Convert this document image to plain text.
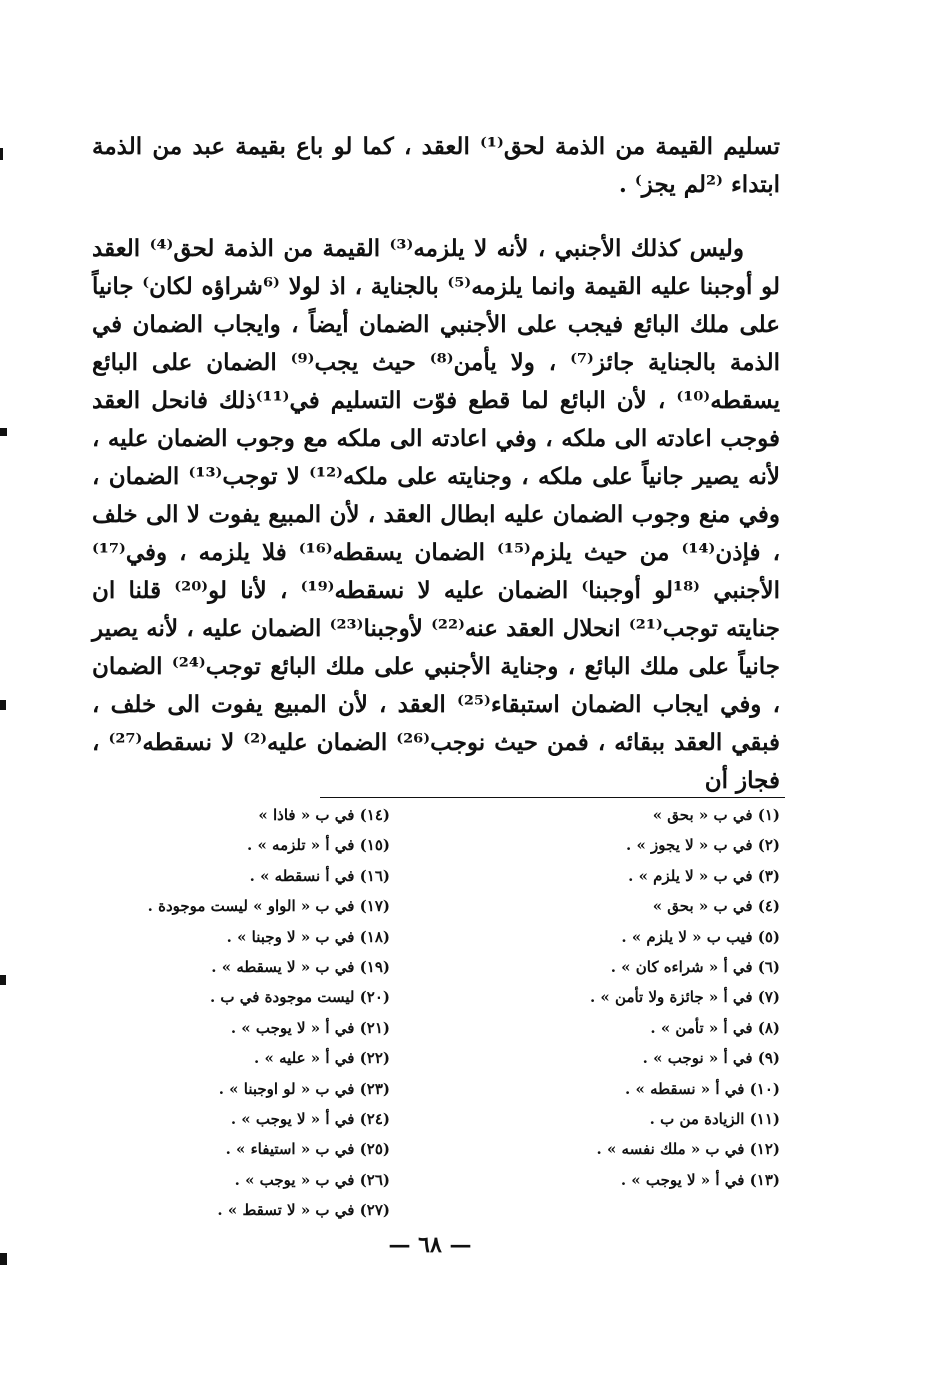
تسليم القيمة من الذمة لحق⁽¹⁾ العقد ، كما لو باع بقيمة عبد من الذمة ابتداء ⁽²لم يجز⁾ .

وليس كذلك الأجنبي ، لأنه لا يلزمه⁽³⁾ القيمة من الذمة لحق⁽⁴⁾ العقد لو أوجبنا عليه القيمة وانما يلزمه⁽⁵⁾ بالجناية ، اذ لولا ⁽⁶شراؤه لكان⁾ جانياً على ملك البائع فيجب على الأجنبي الضمان أيضاً ، وايجاب الضمان في الذمة بالجناية جائز⁽⁷⁾ ، ولا يأمن⁽⁸⁾ حيث يجب⁽⁹⁾ الضمان على البائع يسقطه⁽¹⁰⁾ ، لأن البائع لما قطع فوّت التسليم في⁽¹¹⁾ذلك فانحل العقد فوجب اعادته الى ملكه ، وفي اعادته الى ملكه مع وجوب الضمان عليه ، لأنه يصير جانياً على ملكه ، وجنايته على ملكه⁽¹²⁾ لا توجب⁽¹³⁾ الضمان ، وفي منع وجوب الضمان عليه ابطال العقد ، لأن المبيع يفوت لا الى خلف ، فإذن⁽¹⁴⁾ من حيث يلزم⁽¹⁵⁾ الضمان يسقطه⁽¹⁶⁾ فلا يلزمه ، وفي⁽¹⁷⁾ الأجنبي ⁽¹⁸لو أوجبنا⁾ الضمان عليه لا نسقطه⁽¹⁹⁾ ، لأنا لو⁽²⁰⁾ قلنا ان جنايته توجب⁽²¹⁾ انحلال العقد عنه⁽²²⁾ لأوجبنا⁽²³⁾ الضمان عليه ، لأنه يصير جانياً على ملك البائع ، وجناية الأجنبي على ملك البائع توجب⁽²⁴⁾ الضمان ، وفي ايجاب الضمان استبقاء⁽²⁵⁾ العقد ، لأن المبيع يفوت الى خلف ، فبقي العقد ببقائه ، فمن حيث نوجب⁽²⁶⁾ الضمان عليه⁽²⁾ لا نسقطه⁽²⁷⁾ ، فجاز أن

(١) في ب « بحق »
(٢) في ب « لا يجوز » .
(٣) في ب « لا يلزم » .
(٤) في ب « بحق »
(٥) فيب ب « لا يلزم » .
(٦) في أ « شراءه كان » .
(٧) في أ « جائزة ولا تأمن » .
(٨) في أ « تأمن » .
(٩) في أ « نوجب » .
(١٠) في أ « نسقطه » .
(١١) الزيادة من ب .
(١٢) في ب « ملك نفسه » .
(١٣) في أ « لا يوجب » .
(١٤) في ب « فاذا »
(١٥) في أ « تلزمه » .
(١٦) في أ نسقطه » .
(١٧) في ب « الواو » ليست موجودة .
(١٨) في ب « لا وجبنا » .
(١٩) في ب « لا يسقطه » .
(٢٠) ليست موجودة في ب .
(٢١) في أ « لا يوجب » .
(٢٢) في أ « عليه » .
(٢٣) في ب « لو اوجبنا » .
(٢٤) في أ « لا يوجب » .
(٢٥) في ب « استيفاء » .
(٢٦) في ب « يوجب » .
(٢٧) في ب « لا تسقط » .
— ٦٨ —
